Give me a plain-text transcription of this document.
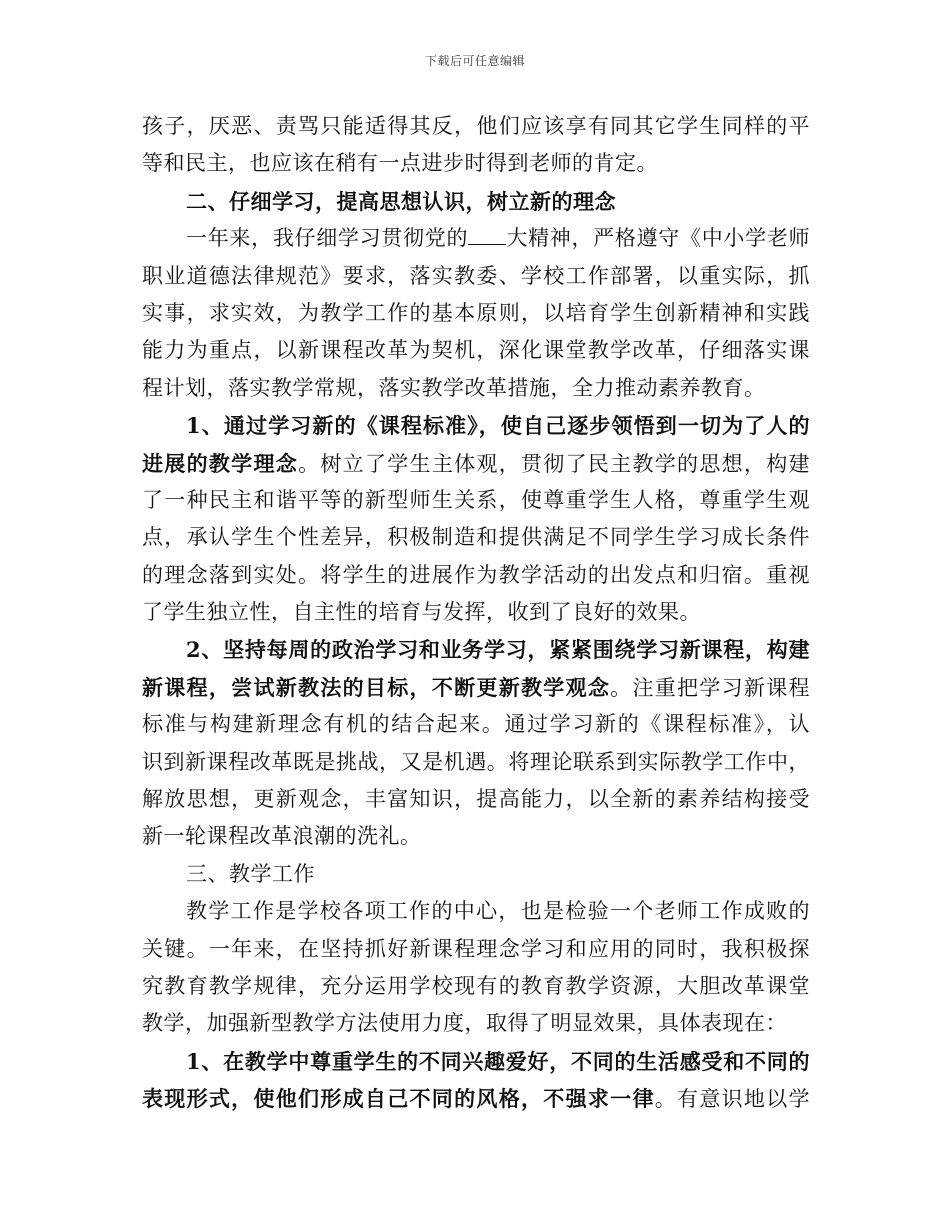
下载后可任意编辑
孩子，厌恶、责骂只能适得其反，他们应该享有同其它学生同样的平
等和民主，也应该在稍有一点进步时得到老师的肯定。
二、仔细学习，提高思想认识，树立新的理念
一年来，我仔细学习贯彻党的 大精神，严格遵守《中小学老师
职业道德法律规范》要求，落实教委、学校工作部署，以重实际，抓
实事，求实效，为教学工作的基本原则，以培育学生创新精神和实践
能力为重点，以新课程改革为契机，深化课堂教学改革，仔细落实课
程计划，落实教学常规，落实教学改革措施，全力推动素养教育。
1、通过学习新的《课程标准》，使自己逐步领悟到一切为了人的
进展的教学理念。树立了学生主体观，贯彻了民主教学的思想，构建
了一种民主和谐平等的新型师生关系，使尊重学生人格，尊重学生观
点，承认学生个性差异，积极制造和提供满足不同学生学习成长条件
的理念落到实处。将学生的进展作为教学活动的出发点和归宿。重视
了学生独立性，自主性的培育与发挥，收到了良好的效果。
2、坚持每周的政治学习和业务学习，紧紧围绕学习新课程，构建
新课程，尝试新教法的目标，不断更新教学观念。注重把学习新课程
标准与构建新理念有机的结合起来。通过学习新的《课程标准》，认
识到新课程改革既是挑战，又是机遇。将理论联系到实际教学工作中，
解放思想，更新观念，丰富知识，提高能力，以全新的素养结构接受
新一轮课程改革浪潮的洗礼。
三、教学工作
教学工作是学校各项工作的中心，也是检验一个老师工作成败的
关键。一年来，在坚持抓好新课程理念学习和应用的同时，我积极探
究教育教学规律，充分运用学校现有的教育教学资源，大胆改革课堂
教学，加强新型教学方法使用力度，取得了明显效果，具体表现在：
1、在教学中尊重学生的不同兴趣爱好，不同的生活感受和不同的
表现形式，使他们形成自己不同的风格，不强求一律。有意识地以学
